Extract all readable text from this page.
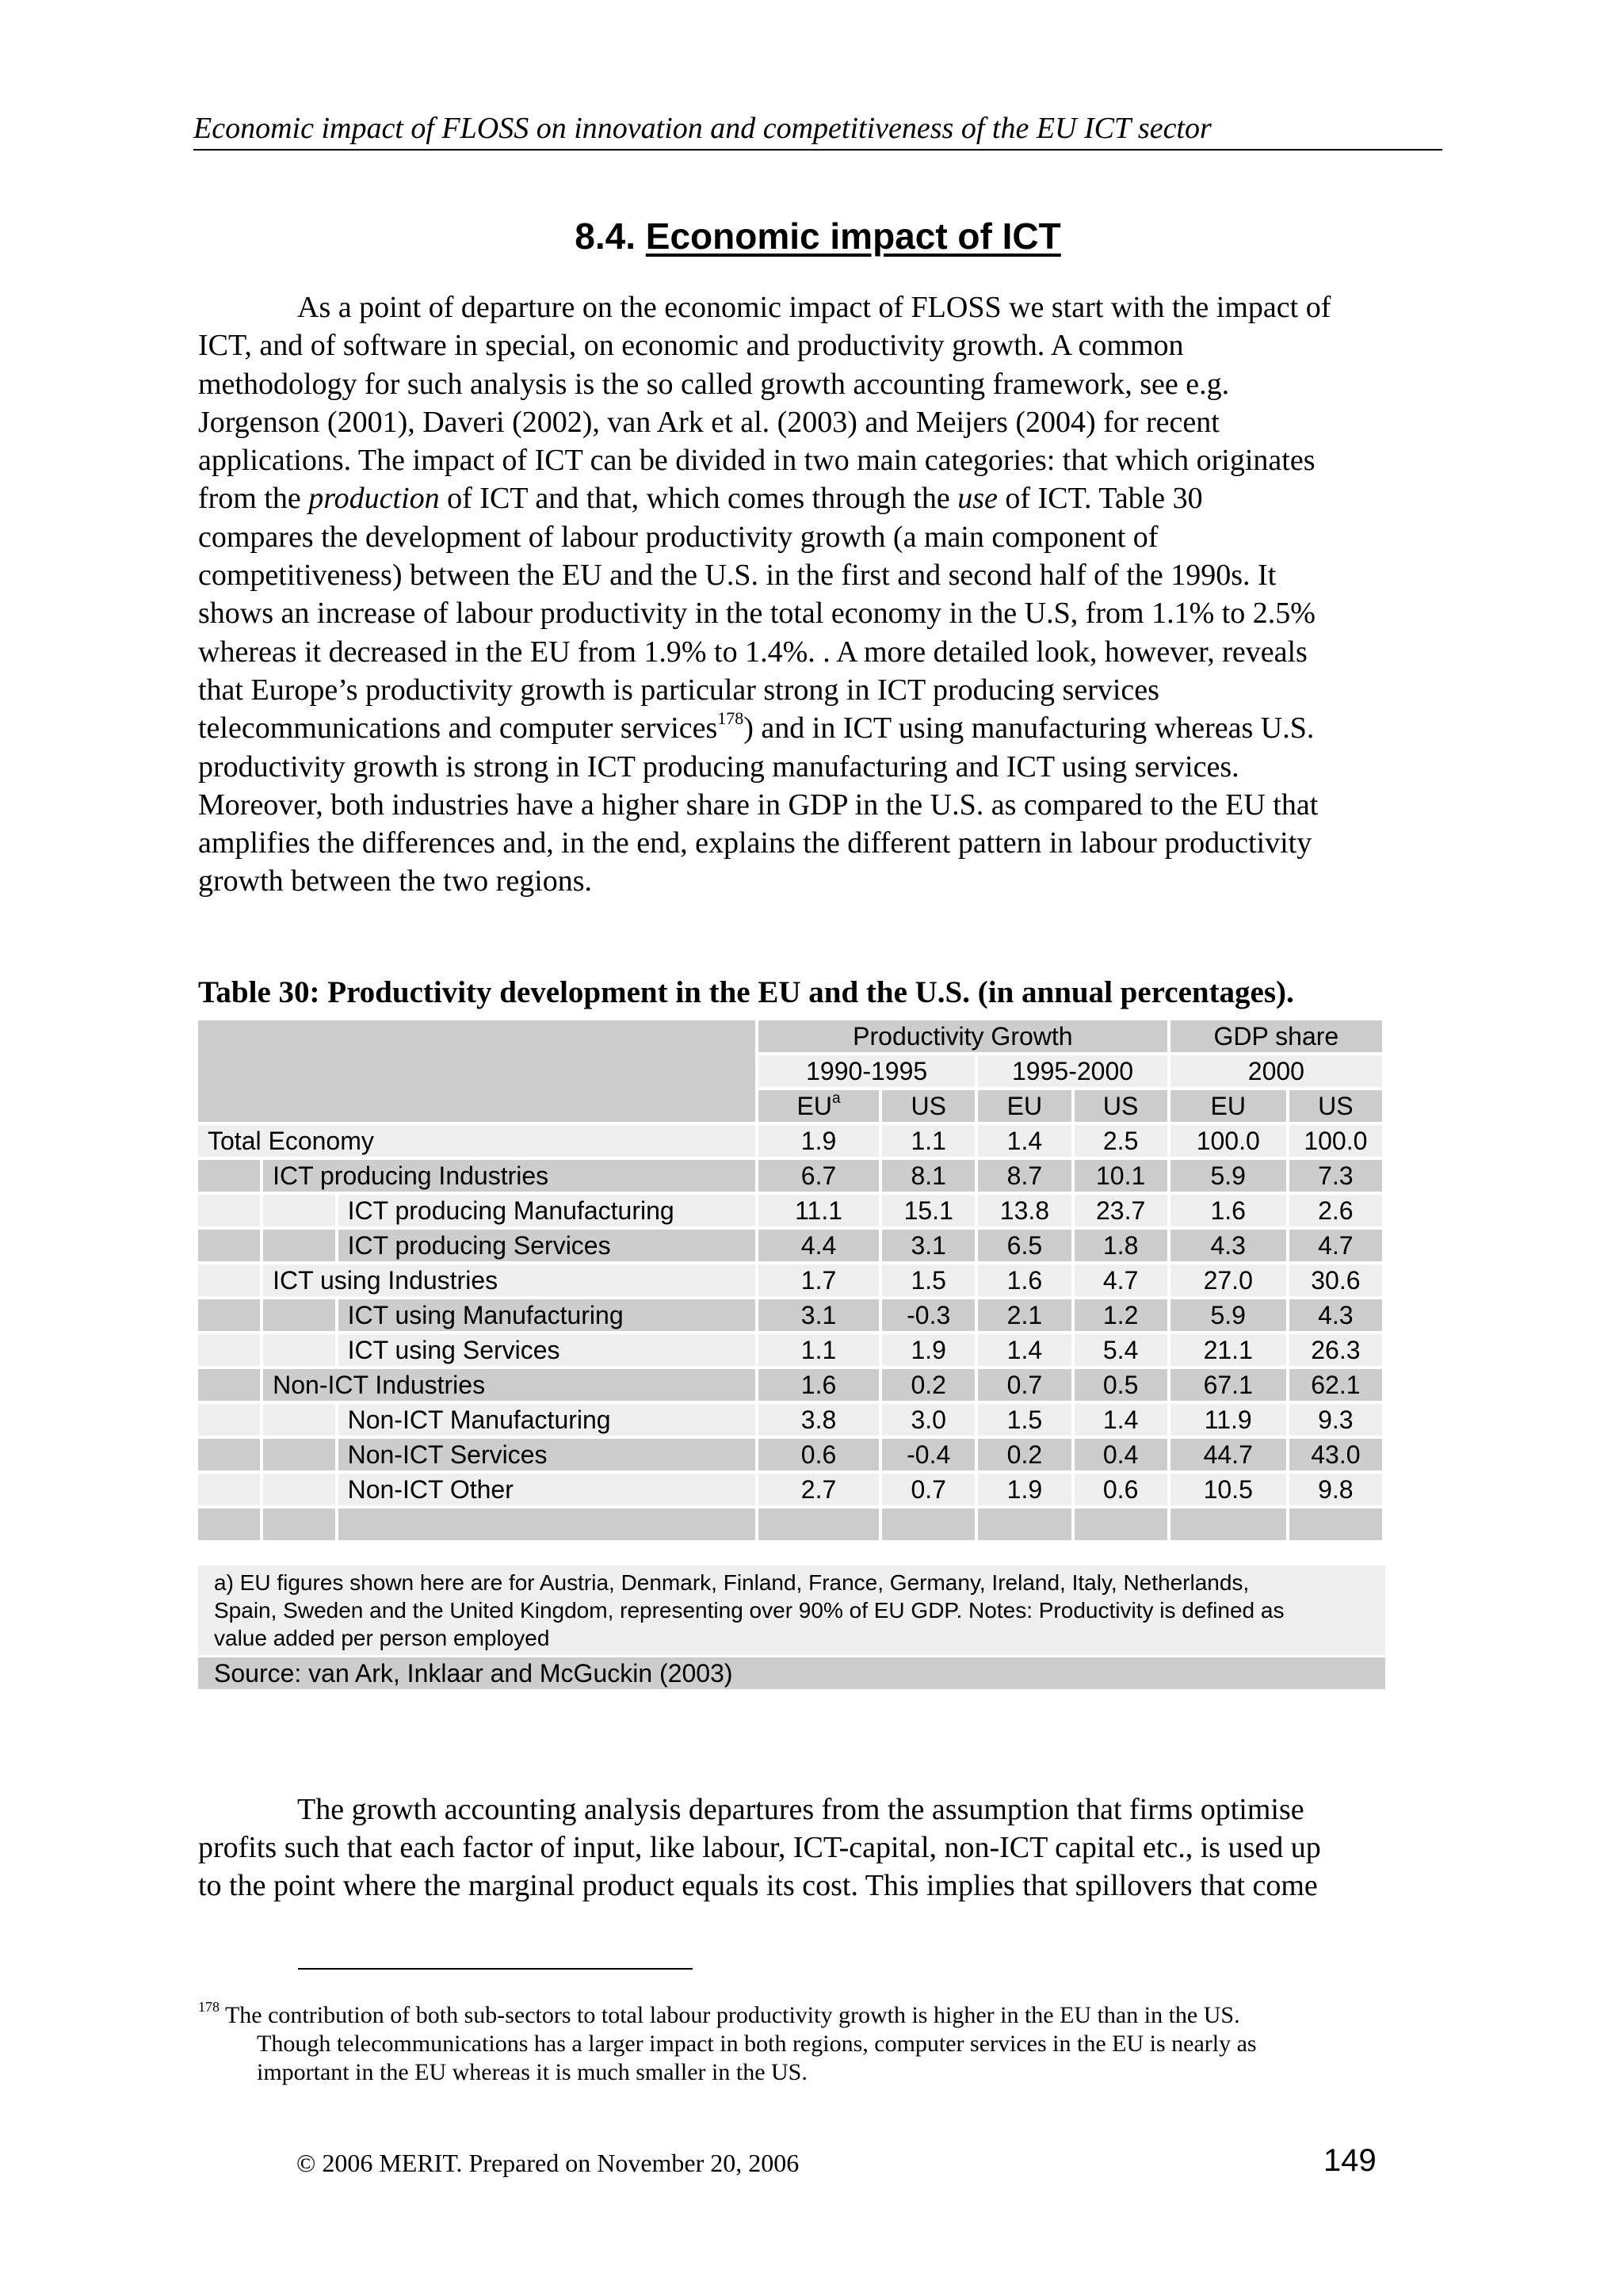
Economic impact of FLOSS on innovation and competitiveness of the EU ICT sector
8.4. Economic impact of ICT
As a point of departure on the economic impact of FLOSS we start with the impact of
ICT, and of software in special, on economic and productivity growth. A common
methodology for such analysis is the so called growth accounting framework, see e.g.
Jorgenson (2001), Daveri (2002), van Ark et al. (2003) and Meijers (2004) for recent
applications. The impact of ICT can be divided in two main categories: that which originates
from the production of ICT and that, which comes through the use of ICT. Table 30
compares the development of labour productivity growth (a main component of
competitiveness) between the EU and the U.S. in the first and second half of the 1990s. It
shows an increase of labour productivity in the total economy in the U.S, from 1.1% to 2.5%
whereas it decreased in the EU from 1.9% to 1.4%. . A more detailed look, however, reveals
that Europe’s productivity growth is particular strong in ICT producing services
telecommunications and computer services$^{178}$) and in ICT using manufacturing whereas U.S.
productivity growth is strong in ICT producing manufacturing and ICT using services.
Moreover, both industries have a higher share in GDP in the U.S. as compared to the EU that
amplifies the differences and, in the end, explains the different pattern in labour productivity
growth between the two regions.
Table 30: Productivity development in the EU and the U.S. (in annual percentages).
			Productivity Growth				GDP share	
			1990-1995		1995-2000		2000	
			$EU^a$	US	EU	US	EU	US
Total Economy			1.9	1.1	1.4	2.5	100.0	100.0
	ICT producing Industries		6.7	8.1	8.7	10.1	5.9	7.3
		ICT producing Manufacturing	11.1	15.1	13.8	23.7	1.6	2.6
		ICT producing Services	4.4	3.1	6.5	1.8	4.3	4.7
	ICT using Industries		1.7	1.5	1.6	4.7	27.0	30.6
		ICT using Manufacturing	3.1	-0.3	2.1	1.2	5.9	4.3
		ICT using Services	1.1	1.9	1.4	5.4	21.1	26.3
	Non-ICT Industries		1.6	0.2	0.7	0.5	67.1	62.1
		Non-ICT Manufacturing	3.8	3.0	1.5	1.4	11.9	9.3
		Non-ICT Services	0.6	-0.4	0.2	0.4	44.7	43.0
		Non-ICT Other	2.7	0.7	1.9	0.6	10.5	9.8

a) EU figures shown here are for Austria, Denmark, Finland, France, Germany, Ireland, Italy, Netherlands,
Spain, Sweden and the United Kingdom, representing over 90% of EU GDP. Notes: Productivity is defined as
value added per person employed
Source: van Ark, Inklaar and McGuckin (2003)
The growth accounting analysis departures from the assumption that firms optimise
profits such that each factor of input, like labour, ICT-capital, non-ICT capital etc., is used up
to the point where the marginal product equals its cost. This implies that spillovers that come
$^{178}$ The contribution of both sub-sectors to total labour productivity growth is higher in the EU than in the US.
Though telecommunications has a larger impact in both regions, computer services in the EU is nearly as
important in the EU whereas it is much smaller in the US.
© 2006 MERIT. Prepared on November 20, 2006	149
